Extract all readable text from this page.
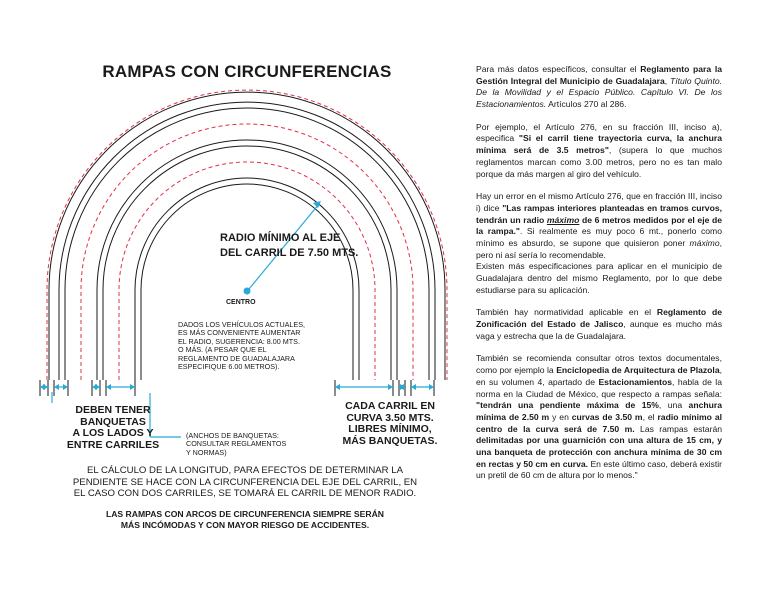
RAMPAS CON CIRCUNFERENCIAS
RADIO MÍNIMO AL EJE
DEL CARRIL DE 7.50 MTS.
CENTRO
DADOS LOS VEHÍCULOS ACTUALES,
ES MÁS CONVENIENTE AUMENTAR
EL RADIO, SUGERENCIA: 8.00 MTS.
O MÁS. (A PESAR QUE EL
REGLAMENTO DE GUADALAJARA
ESPECIFIQUE 6.00 METROS).
DEBEN TENER
BANQUETAS
A LOS LADOS Y
ENTRE CARRILES
(ANCHOS DE BANQUETAS:
CONSULTAR REGLAMENTOS
Y NORMAS)
CADA CARRIL EN
CURVA 3.50 MTS.
LIBRES MÍNIMO,
MÁS BANQUETAS.
EL CÁLCULO DE LA LONGITUD, PARA EFECTOS DE DETERMINAR LA
PENDIENTE SE HACE CON LA CIRCUNFERENCIA DEL EJE DEL CARRIL, EN
EL CASO CON DOS CARRILES, SE TOMARÁ EL CARRIL DE MENOR RADIO.
LAS RAMPAS CON ARCOS DE CIRCUNFERENCIA SIEMPRE SERÁN
MÁS INCÓMODAS Y CON MAYOR RIESGO DE ACCIDENTES.

Para más datos específicos, consultar el Reglamento para la Gestión Integral del Municipio de Guadalajara, Título Quinto. De la Movilidad y el Espacio Público. Capítulo VI. De los Estacionamientos. Artículos 270 al 286.

Por ejemplo, el Artículo 276, en su fracción III, inciso a), especifica "Si el carril tiene trayectoria curva, la anchura mínima será de 3.5 metros", (supera lo que muchos reglamentos marcan como 3.00 metros, pero no es tan malo porque da más margen al giro del vehículo.

Hay un error en el mismo Artículo 276, que en fracción III, inciso i) dice "Las rampas interiores planteadas en tramos curvos, tendrán un radio máximo de 6 metros medidos por el eje de la rampa.". Si realmente es muy poco 6 mt., ponerlo como mínimo es absurdo, se supone que quisieron poner máximo, pero ni así sería lo recomendable.

Existen más especificaciones para aplicar en el municipio de Guadalajara dentro del mismo Reglamento, por lo que debe estudiarse para su aplicación.

También hay normatividad aplicable en el Reglamento de Zonificación del Estado de Jalisco, aunque es mucho más vaga y estrecha que la de Guadalajara.

También se recomienda consultar otros textos documentales, como por ejemplo la Enciclopedia de Arquitectura de Plazola, en su volumen 4, apartado de Estacionamientos, habla de la norma en la Ciudad de México, que respecto a rampas señala: "tendrán una pendiente máxima de 15%, una anchura mínima de 2.50 m y en curvas de 3.50 m, el radio mínimo al centro de la curva será de 7.50 m. Las rampas estarán delimitadas por una guarnición con una altura de 15 cm, y una banqueta de protección con anchura mínima de 30 cm en rectas y 50 cm en curva. En este último caso, deberá existir un pretil de 60 cm de altura por lo menos."
